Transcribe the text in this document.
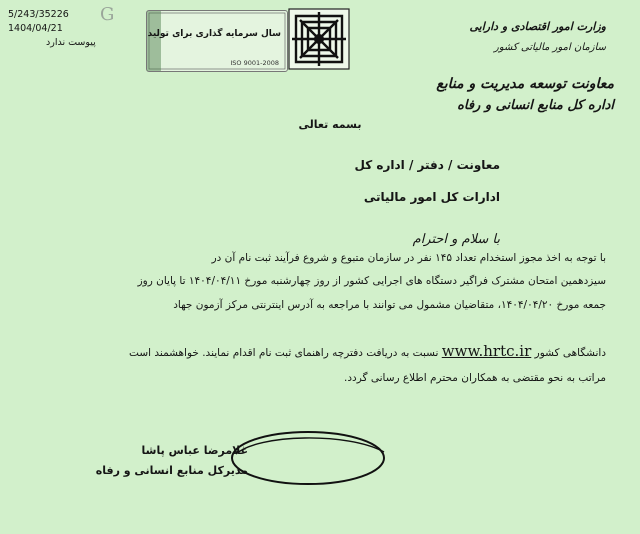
5/243/35226
1404/04/21
پیوست ندارد
G
سال سرمایه گذاری برای تولید
ISO 9001-2008
وزارت امور اقتصادی و دارایی
سازمان امور مالیاتی کشور
معاونت توسعه مدیریت و منابع
اداره کل منابع انسانی و رفاه
بسمه تعالی
معاونت / دفتر / اداره کل
ادارات کل امور مالیاتی
با سلام و احترام
با توجه به اخذ مجوز استخدام تعداد ۱۴۵ نفر در سازمان متبوع و شروع فرآیند ثبت نام آن در
سیزدهمین امتحان مشترک فراگیر دستگاه های اجرایی کشور از روز چهارشنبه مورخ ۱۴۰۴/۰۴/۱۱ تا پایان روز
جمعه مورخ ۱۴۰۴/۰۴/۲۰، متقاضیان مشمول می توانند با مراجعه به آدرس اینترنتی مرکز آزمون جهاد
دانشگاهی کشور www.hrtc.ir نسبت به دریافت دفترچه راهنمای ثبت نام اقدام نمایند. خواهشمند است
مراتب به نحو مقتضی به همکاران محترم اطلاع رسانی گردد.
غلامرضا عباس پاشا
مدیرکل منابع انسانی و رفاه
